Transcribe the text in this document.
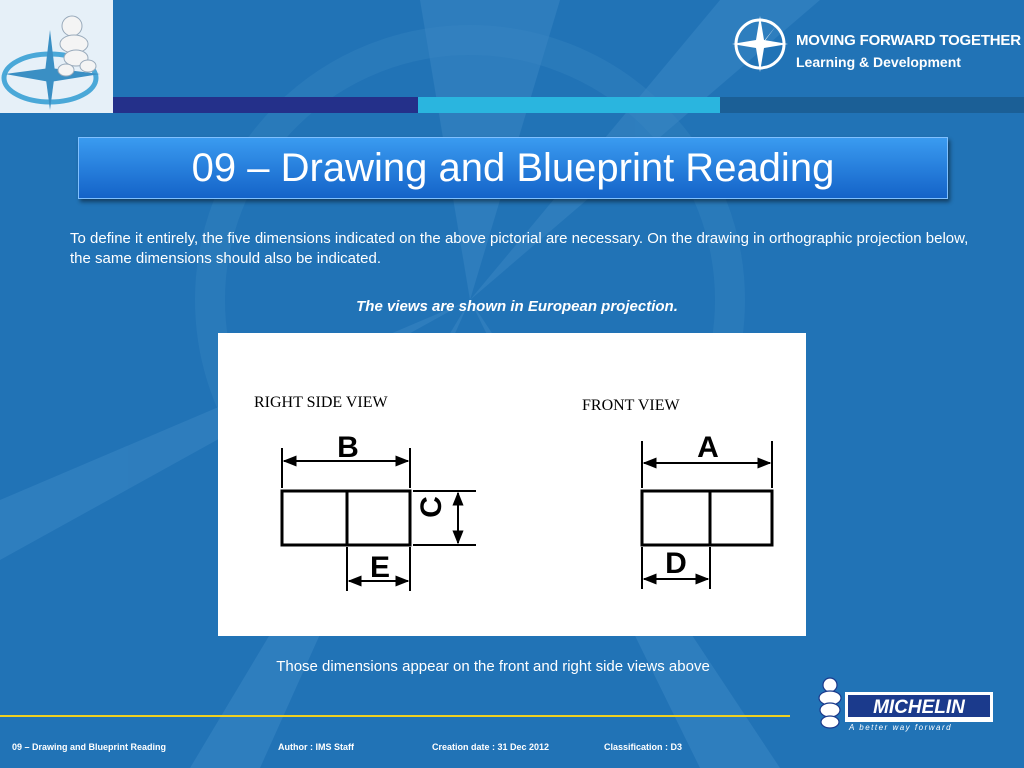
MOVING FORWARD TOGETHER
Learning & Development
09 – Drawing and Blueprint Reading
To define it entirely, the five dimensions indicated on the above pictorial are necessary. On the drawing in orthographic projection below, the same dimensions should also be indicated.
The views are shown in European projection.
RIGHT SIDE VIEW
B
C
E
FRONT VIEW
A
D
Those dimensions appear on the front and right side views above
MICHELIN
A better way forward
09 – Drawing and Blueprint Reading	Author : IMS Staff	Creation date : 31 Dec 2012	Classification : D3
